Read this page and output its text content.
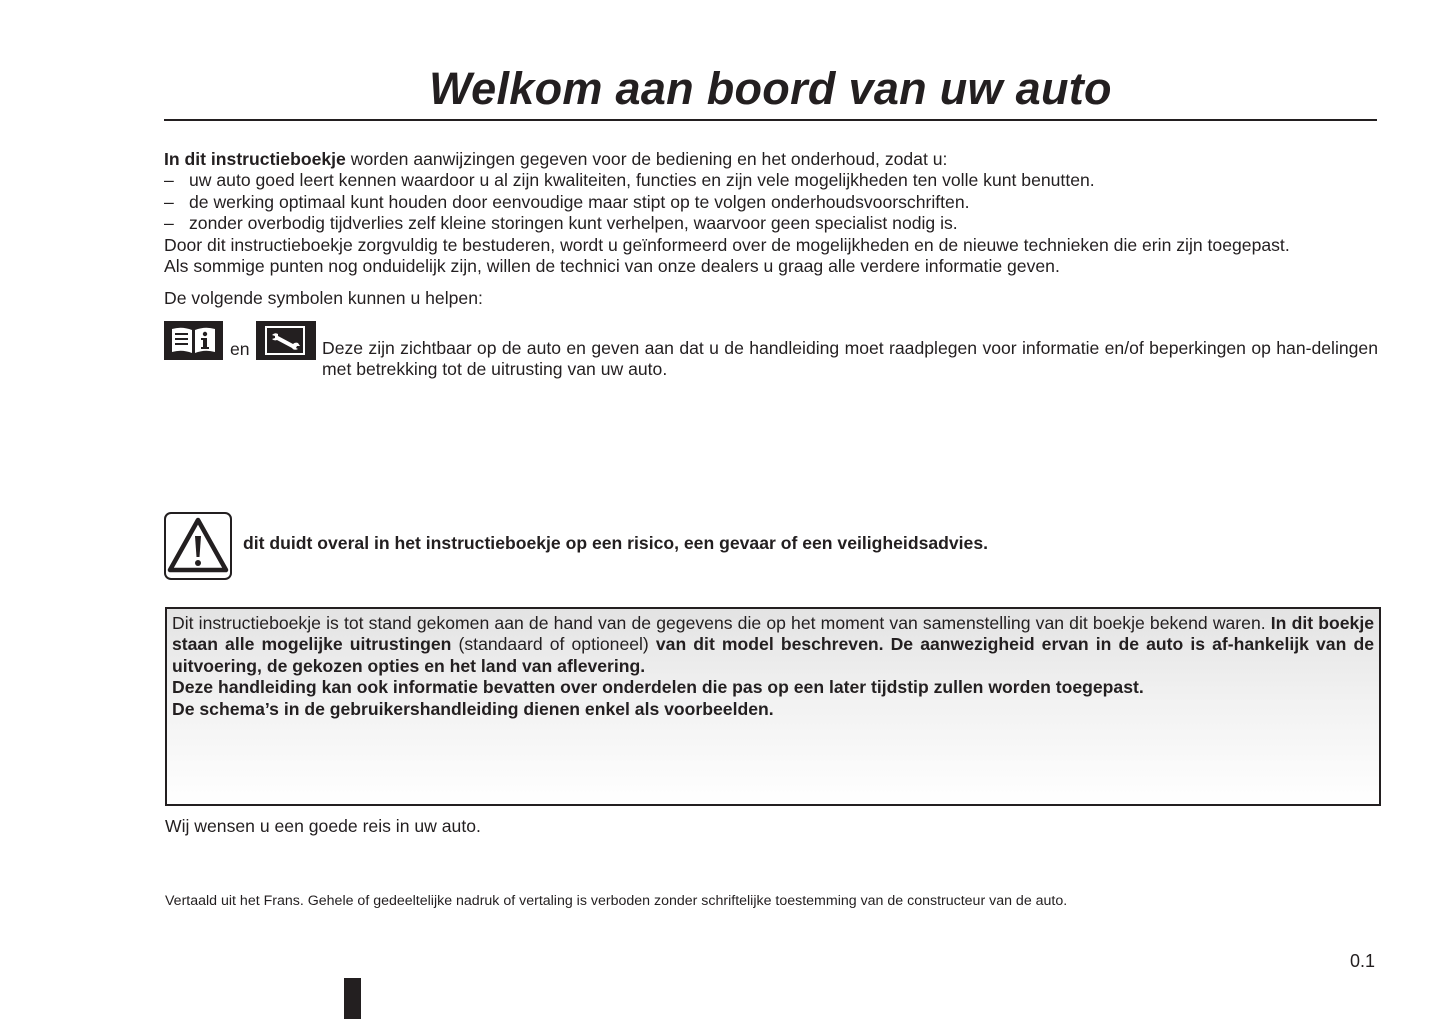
Welkom aan boord van uw auto

In dit instructieboekje worden aanwijzingen gegeven voor de bediening en het onderhoud, zodat u:

– uw auto goed leert kennen waardoor u al zijn kwaliteiten, functies en zijn vele mogelijkheden ten volle kunt benutten.

– de werking optimaal kunt houden door eenvoudige maar stipt op te volgen onderhoudsvoorschriften.

– zonder overbodig tijdverlies zelf kleine storingen kunt verhelpen, waarvoor geen specialist nodig is.

Door dit instructieboekje zorgvuldig te bestuderen, wordt u geïnformeerd over de mogelijkheden en de nieuwe technieken die erin zijn toegepast.

Als sommige punten nog onduidelijk zijn, willen de technici van onze dealers u graag alle verdere informatie geven.

De volgende symbolen kunnen u helpen:
en	Deze zijn zichtbaar op de auto en geven aan dat u de handleiding moet raadplegen voor informatie en/of beperkingen op han-delingen met betrekking tot de uitrusting van uw auto.
dit duidt overal in het instructieboekje op een risico, een gevaar of een veiligheidsadvies.

Dit instructieboekje is tot stand gekomen aan de hand van de gegevens die op het moment van samenstelling van dit boekje bekend waren. In dit boekje staan alle mogelijke uitrustingen (standaard of optioneel) van dit model beschreven. De aanwezigheid ervan in de auto is af-hankelijk van de uitvoering, de gekozen opties en het land van aflevering.

Deze handleiding kan ook informatie bevatten over onderdelen die pas op een later tijdstip zullen worden toegepast.

De schema’s in de gebruikershandleiding dienen enkel als voorbeelden.

Wij wensen u een goede reis in uw auto.
Vertaald uit het Frans. Gehele of gedeeltelijke nadruk of vertaling is verboden zonder schriftelijke toestemming van de constructeur van de auto.
0.1
